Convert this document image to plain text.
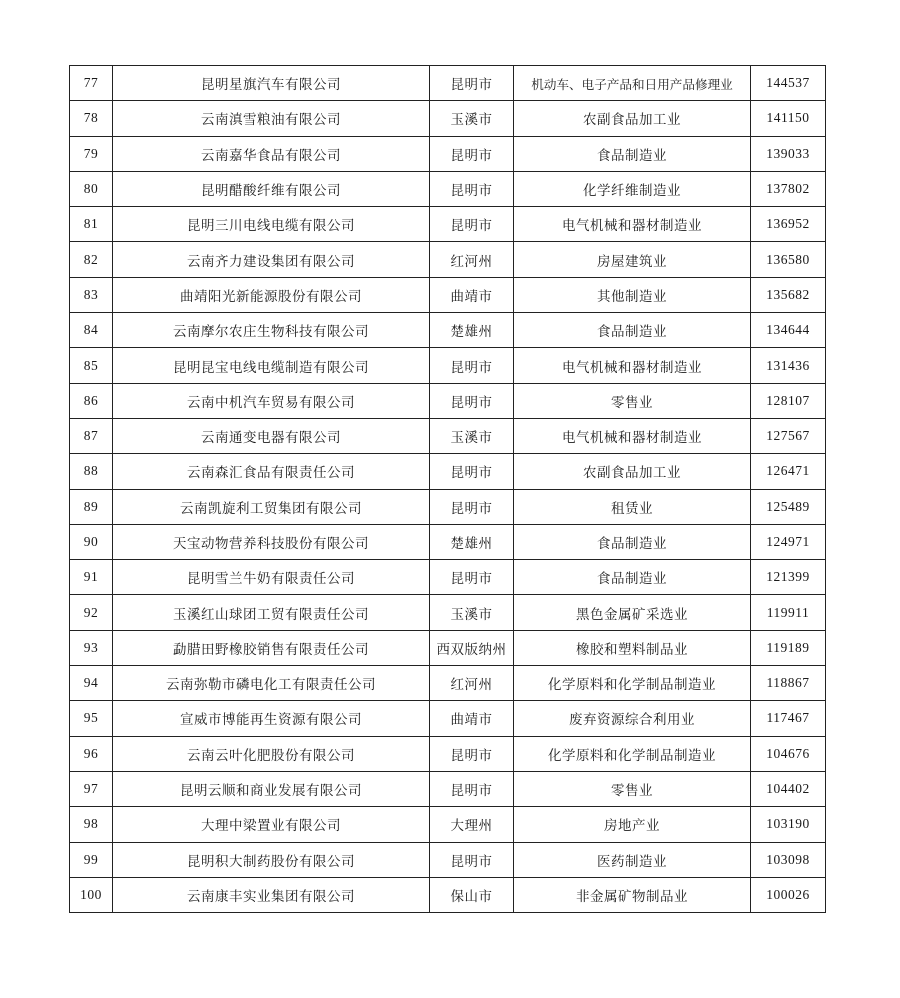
77	昆明星旗汽车有限公司	昆明市	机动车、电子产品和日用产品修理业	144537
78	云南滇雪粮油有限公司	玉溪市	农副食品加工业	141150
79	云南嘉华食品有限公司	昆明市	食品制造业	139033
80	昆明醋酸纤维有限公司	昆明市	化学纤维制造业	137802
81	昆明三川电线电缆有限公司	昆明市	电气机械和器材制造业	136952
82	云南齐力建设集团有限公司	红河州	房屋建筑业	136580
83	曲靖阳光新能源股份有限公司	曲靖市	其他制造业	135682
84	云南摩尔农庄生物科技有限公司	楚雄州	食品制造业	134644
85	昆明昆宝电线电缆制造有限公司	昆明市	电气机械和器材制造业	131436
86	云南中机汽车贸易有限公司	昆明市	零售业	128107
87	云南通变电器有限公司	玉溪市	电气机械和器材制造业	127567
88	云南森汇食品有限责任公司	昆明市	农副食品加工业	126471
89	云南凯旋利工贸集团有限公司	昆明市	租赁业	125489
90	天宝动物营养科技股份有限公司	楚雄州	食品制造业	124971
91	昆明雪兰牛奶有限责任公司	昆明市	食品制造业	121399
92	玉溪红山球团工贸有限责任公司	玉溪市	黑色金属矿采选业	119911
93	勐腊田野橡胶销售有限责任公司	西双版纳州	橡胶和塑料制品业	119189
94	云南弥勒市磷电化工有限责任公司	红河州	化学原料和化学制品制造业	118867
95	宣威市博能再生资源有限公司	曲靖市	废弃资源综合利用业	117467
96	云南云叶化肥股份有限公司	昆明市	化学原料和化学制品制造业	104676
97	昆明云顺和商业发展有限公司	昆明市	零售业	104402
98	大理中梁置业有限公司	大理州	房地产业	103190
99	昆明积大制药股份有限公司	昆明市	医药制造业	103098
100	云南康丰实业集团有限公司	保山市	非金属矿物制品业	100026
